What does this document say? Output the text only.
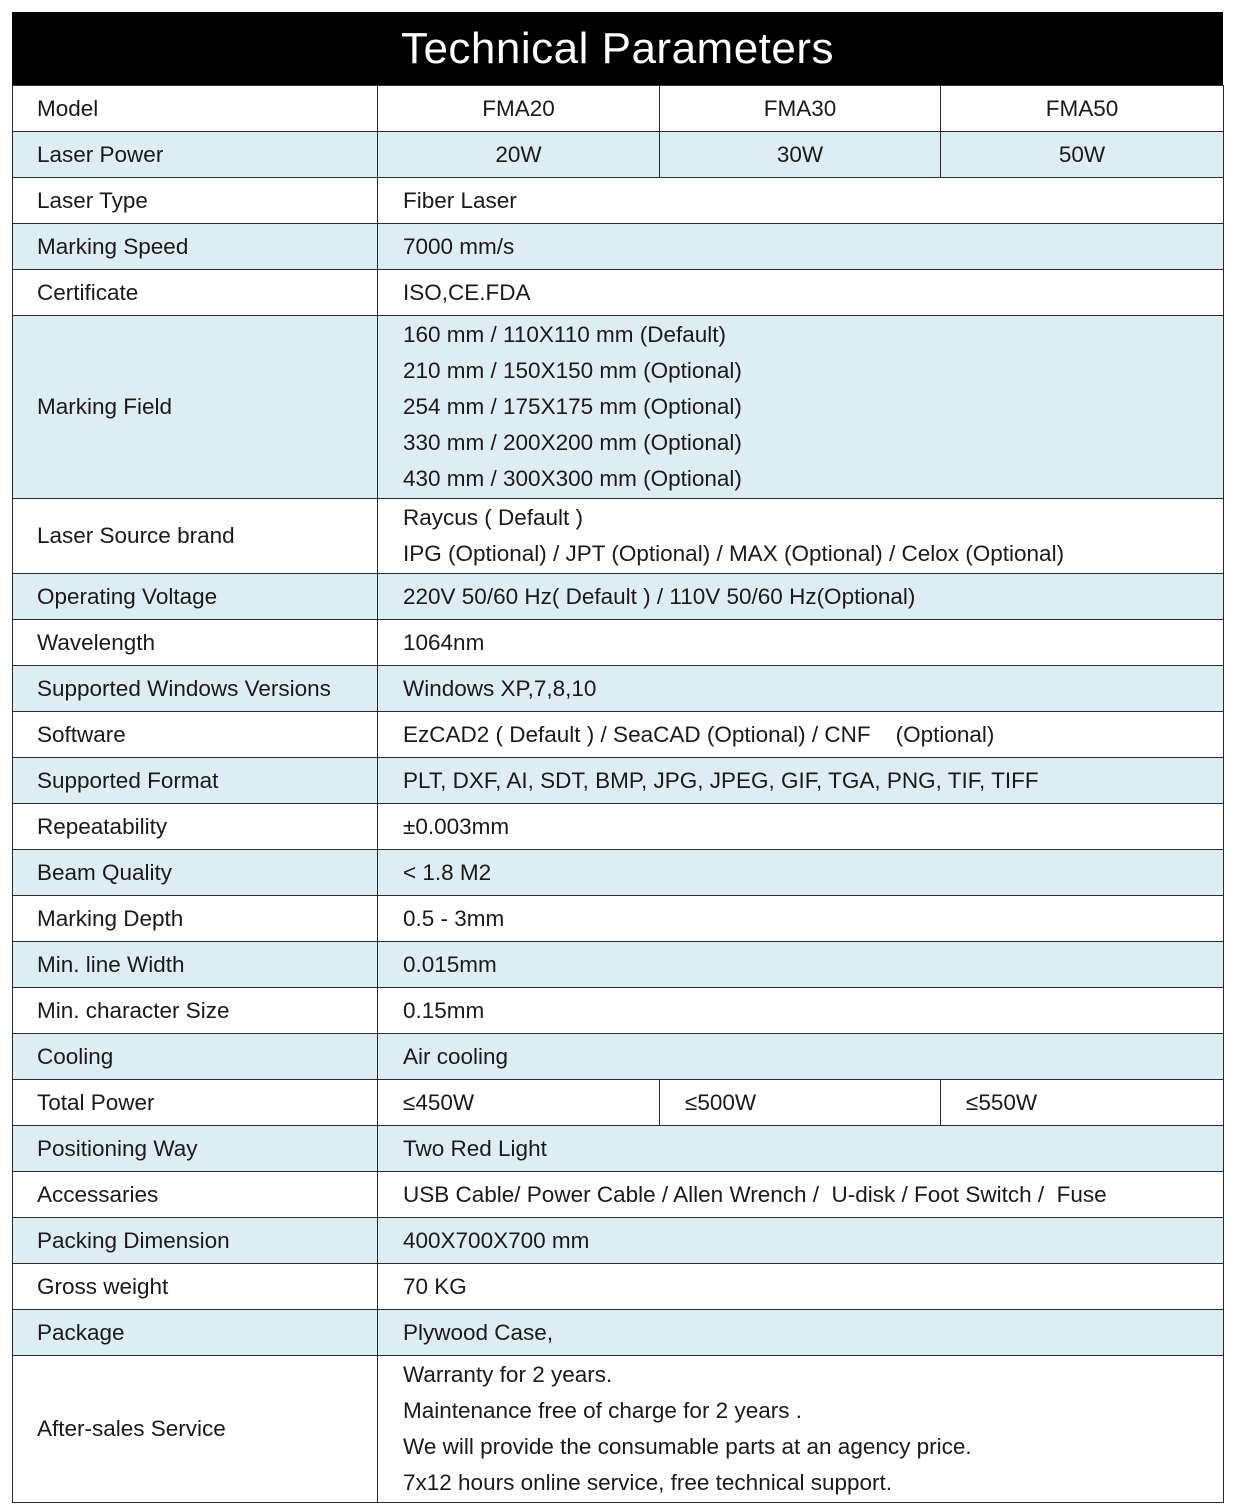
Technical Parameters
Model	FMA20	FMA30	FMA50
Laser Power	20W	30W	50W
Laser Type	Fiber Laser		
Marking Speed	7000 mm/s		
Certificate	ISO,CE.FDA		
Marking Field	160 mm / 110X110 mm (Default)
210 mm / 150X150 mm (Optional)
254 mm / 175X175 mm (Optional)
330 mm / 200X200 mm (Optional)
430 mm / 300X300 mm (Optional)		

Laser Source brand	Raycus ( Default )
IPG (Optional) / JPT (Optional) / MAX (Optional) / Celox (Optional)		

Operating Voltage	220V 50/60 Hz( Default ) / 110V 50/60 Hz(Optional)		
Wavelength	1064nm		
Supported Windows Versions	Windows XP,7,8,10		
Software	EzCAD2 ( Default ) / SeaCAD (Optional) / CNF    (Optional)		
Supported Format	PLT, DXF, AI, SDT, BMP, JPG, JPEG, GIF, TGA, PNG, TIF, TIFF		
Repeatability	±0.003mm		
Beam Quality	< 1.8 M2		
Marking Depth	0.5 - 3mm		
Min. line Width	0.015mm		
Min. character Size	0.15mm		
Cooling	Air cooling		
Total Power	≤450W	≤500W	≤550W
Positioning Way	Two Red Light		
Accessaries	USB Cable/ Power Cable / Allen Wrench /  U-disk / Foot Switch /  Fuse		
Packing Dimension	400X700X700 mm		
Gross weight	70 KG		
Package	Plywood Case,		
After-sales Service	Warranty for 2 years.
Maintenance free of charge for 2 years .
We will provide the consumable parts at an agency price.
7x12 hours online service, free technical support.		
